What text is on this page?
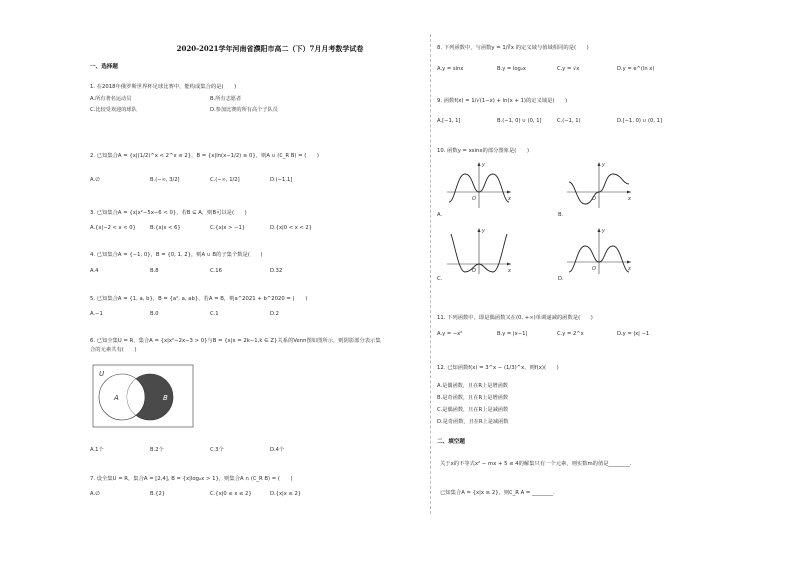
2020-2021学年河南省濮阳市高二（下）7月月考数学试卷
一、选择题
1. 在2018年俄罗斯世界杯足球比赛中，能构成集合的是(　　)
A.所有著名运动员	B.所有志愿者
C.比较受欢迎的球队	D.参加比赛的所有高个子队员
2. 已知集合A = {x|(1/2)^x < 2^x ≤ 2}，B = {x|ln(x−1/2) ≥ 0}，则A ∪ (∁_R B) = (　　)
A.∅	B.(−∞, 3/2]	C.(−∞, 1/2]	D.(−1,1]
3. 已知集合A = {x|x²−5x−6 < 0}，若B ⊆ A，则B可以是(　　)
A.{x|−2 < x < 0}	B.{x|x < 6}	C.{x|x > −1}	D.{x|0 < x < 2}
4. 已知集合A = {−1, 0}，B = {0, 1, 2}，则A ∪ B的子集个数是(　　)
A.4	B.8	C.16	D.32
5. 已知集合A = {1, a, b}，B = {a², a, ab}，若A = B，则a^2021 + b^2020 = (　　)
A.−1	B.0	C.1	D.2
6. 已知全集U = R，集合A = {x|x²−2x−3 > 0}与B = {x|x = 2k−1,k ∈ Z}关系的Venn图如图所示，则阴影部分表示集
合的元素共有(　　)
U
A	B
A.1个	B.2个	C.3个	D.4个
7. 设全集U = R，集合A = [2,4], B = {x|log₂x > 1}，则集合A ∩ (∁_R B) = (　　)
A.∅	B.{2}	C.{x|0 ≤ x ≤ 2}	D.{x|x ≤ 2}
8. 下列函数中，与函数y = 1/∛x 的定义域与值域相同的是(　　)
A.y = sinx	B.y = log₂x	C.y = √x	D.y = e^(ln x)
9. 函数f(x) = 1/√(1−x) + ln(x + 1)的定义域是(　　)
A.[−1, 1]	B.(−1, 0) ∪ (0, 1]	C.(−1, 1)	D.[−1, 0) ∪ (0, 1]
10. 函数y = xsinx的部分图象是(　　)
y
x
O
A.
y
x
O
B.
y
x
O
C.
y
x
O
D.
11. 下列函数中，即是偶函数又在(0, +∞)单调递减的函数是(　　)
A.y = −x²	B.y = |x−1|	C.y = 2^x	D.y = |x| −1
12. 已知函数f(x) = 3^x − (1/3)^x，则f(x)(　　)
A.是偶函数，且在R上是增函数
B.是奇函数，且在R上是增函数
C.是偶函数，且在R上是减函数
D.是奇函数，且在R上是减函数
二、填空题
关于x的不等式x² − mx + 5 ≤ 4的解集只有一个元素，则实数m的值是________.
已知集合A = {x|x ≥ 2}，则∁_R A = ________.
